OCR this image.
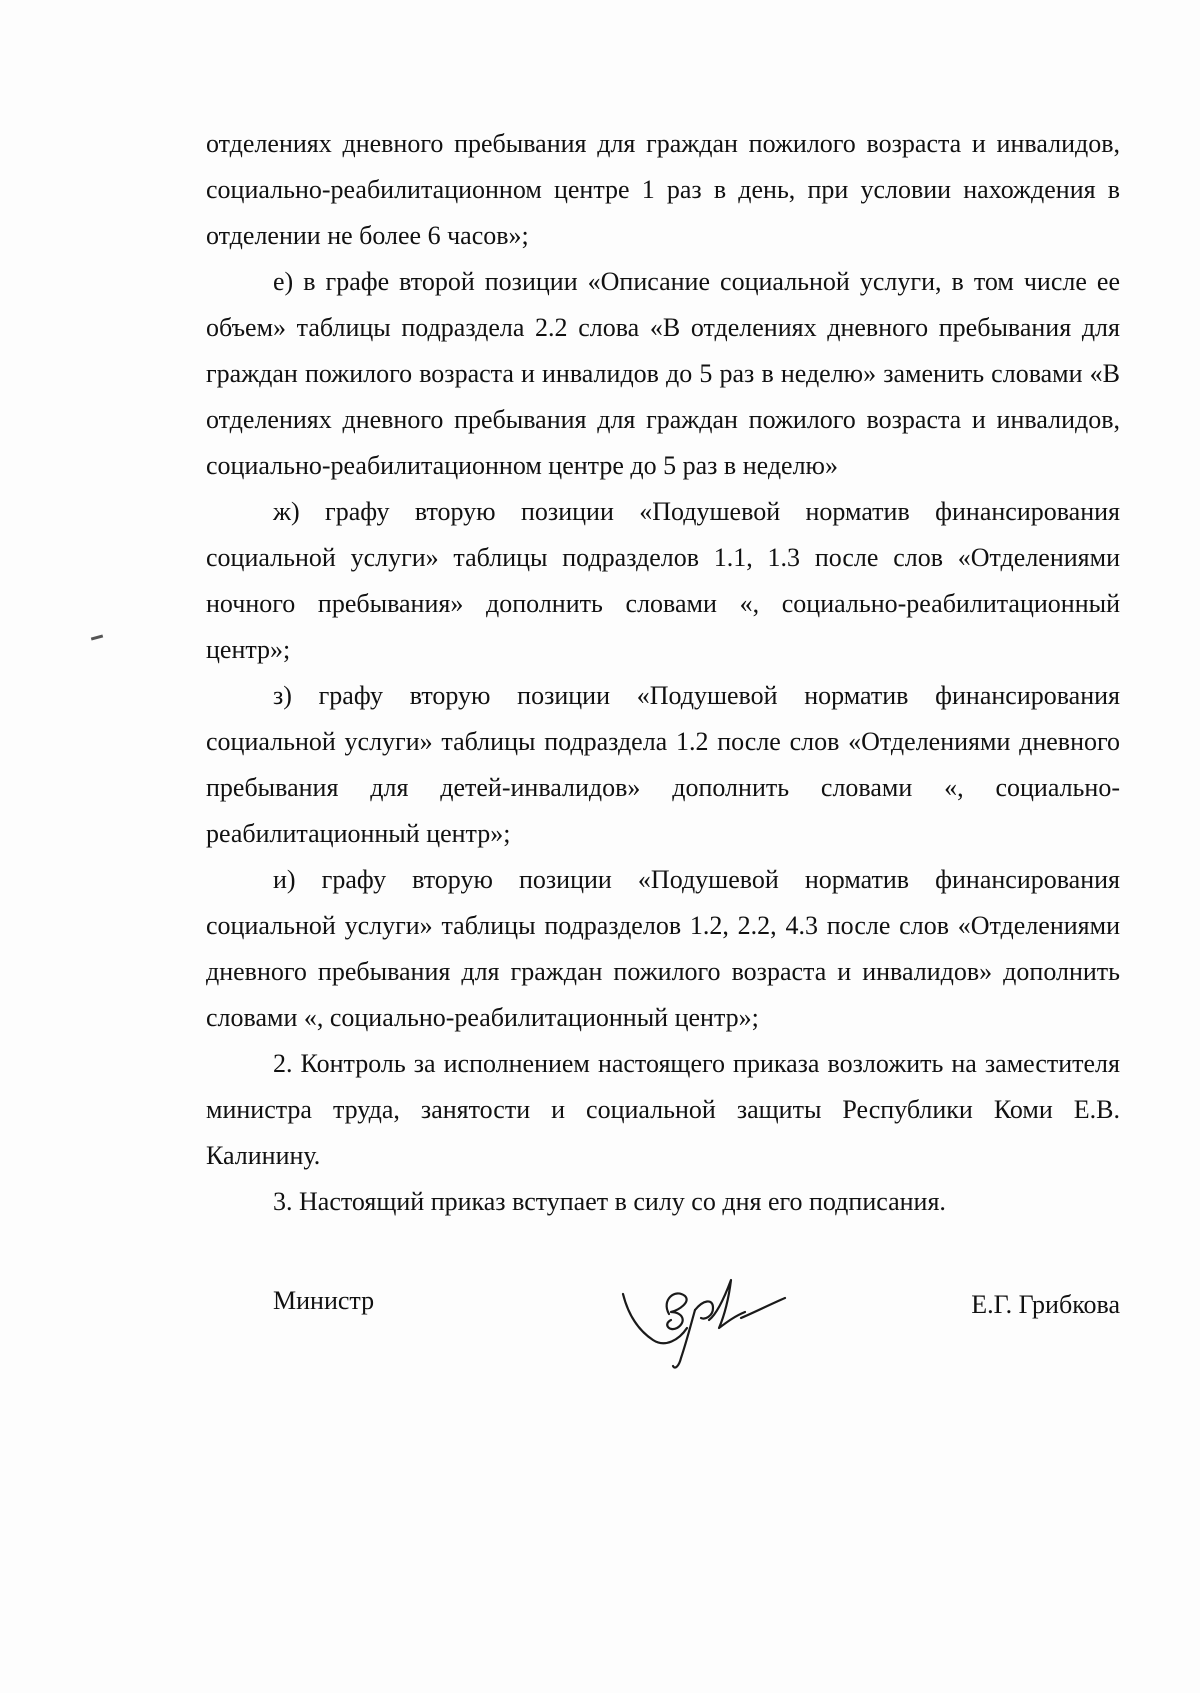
отделениях дневного пребывания для граждан пожилого возраста и инвалидов, социально-реабилитационном центре 1 раз в день, при условии нахождения в отделении не более 6 часов»;

е) в графе второй позиции «Описание социальной услуги, в том числе ее объем» таблицы подраздела 2.2 слова «В отделениях дневного пребывания для граждан пожилого возраста и инвалидов до 5 раз в неделю» заменить словами «В отделениях дневного пребывания для граждан пожилого возраста и инвалидов, социально-реабилитационном центре до 5 раз в неделю»

ж) графу вторую позиции «Подушевой норматив финансирования социальной услуги» таблицы подразделов 1.1, 1.3 после слов «Отделениями ночного пребывания» дополнить словами «, социально-реабилитационный центр»;

з) графу вторую позиции «Подушевой норматив финансирования социальной услуги» таблицы подраздела 1.2 после слов «Отделениями дневного пребывания для детей-инвалидов» дополнить словами «, социально-реабилитационный центр»;

и) графу вторую позиции «Подушевой норматив финансирования социальной услуги» таблицы подразделов 1.2, 2.2, 4.3 после слов «Отделениями дневного пребывания для граждан пожилого возраста и инвалидов» дополнить словами «, социально-реабилитационный центр»;

2. Контроль за исполнением настоящего приказа возложить на заместителя министра труда, занятости и социальной защиты Республики Коми Е.В. Калинину.

3. Настоящий приказ вступает в силу со дня его подписания.

Министр	Е.Г. Грибкова
